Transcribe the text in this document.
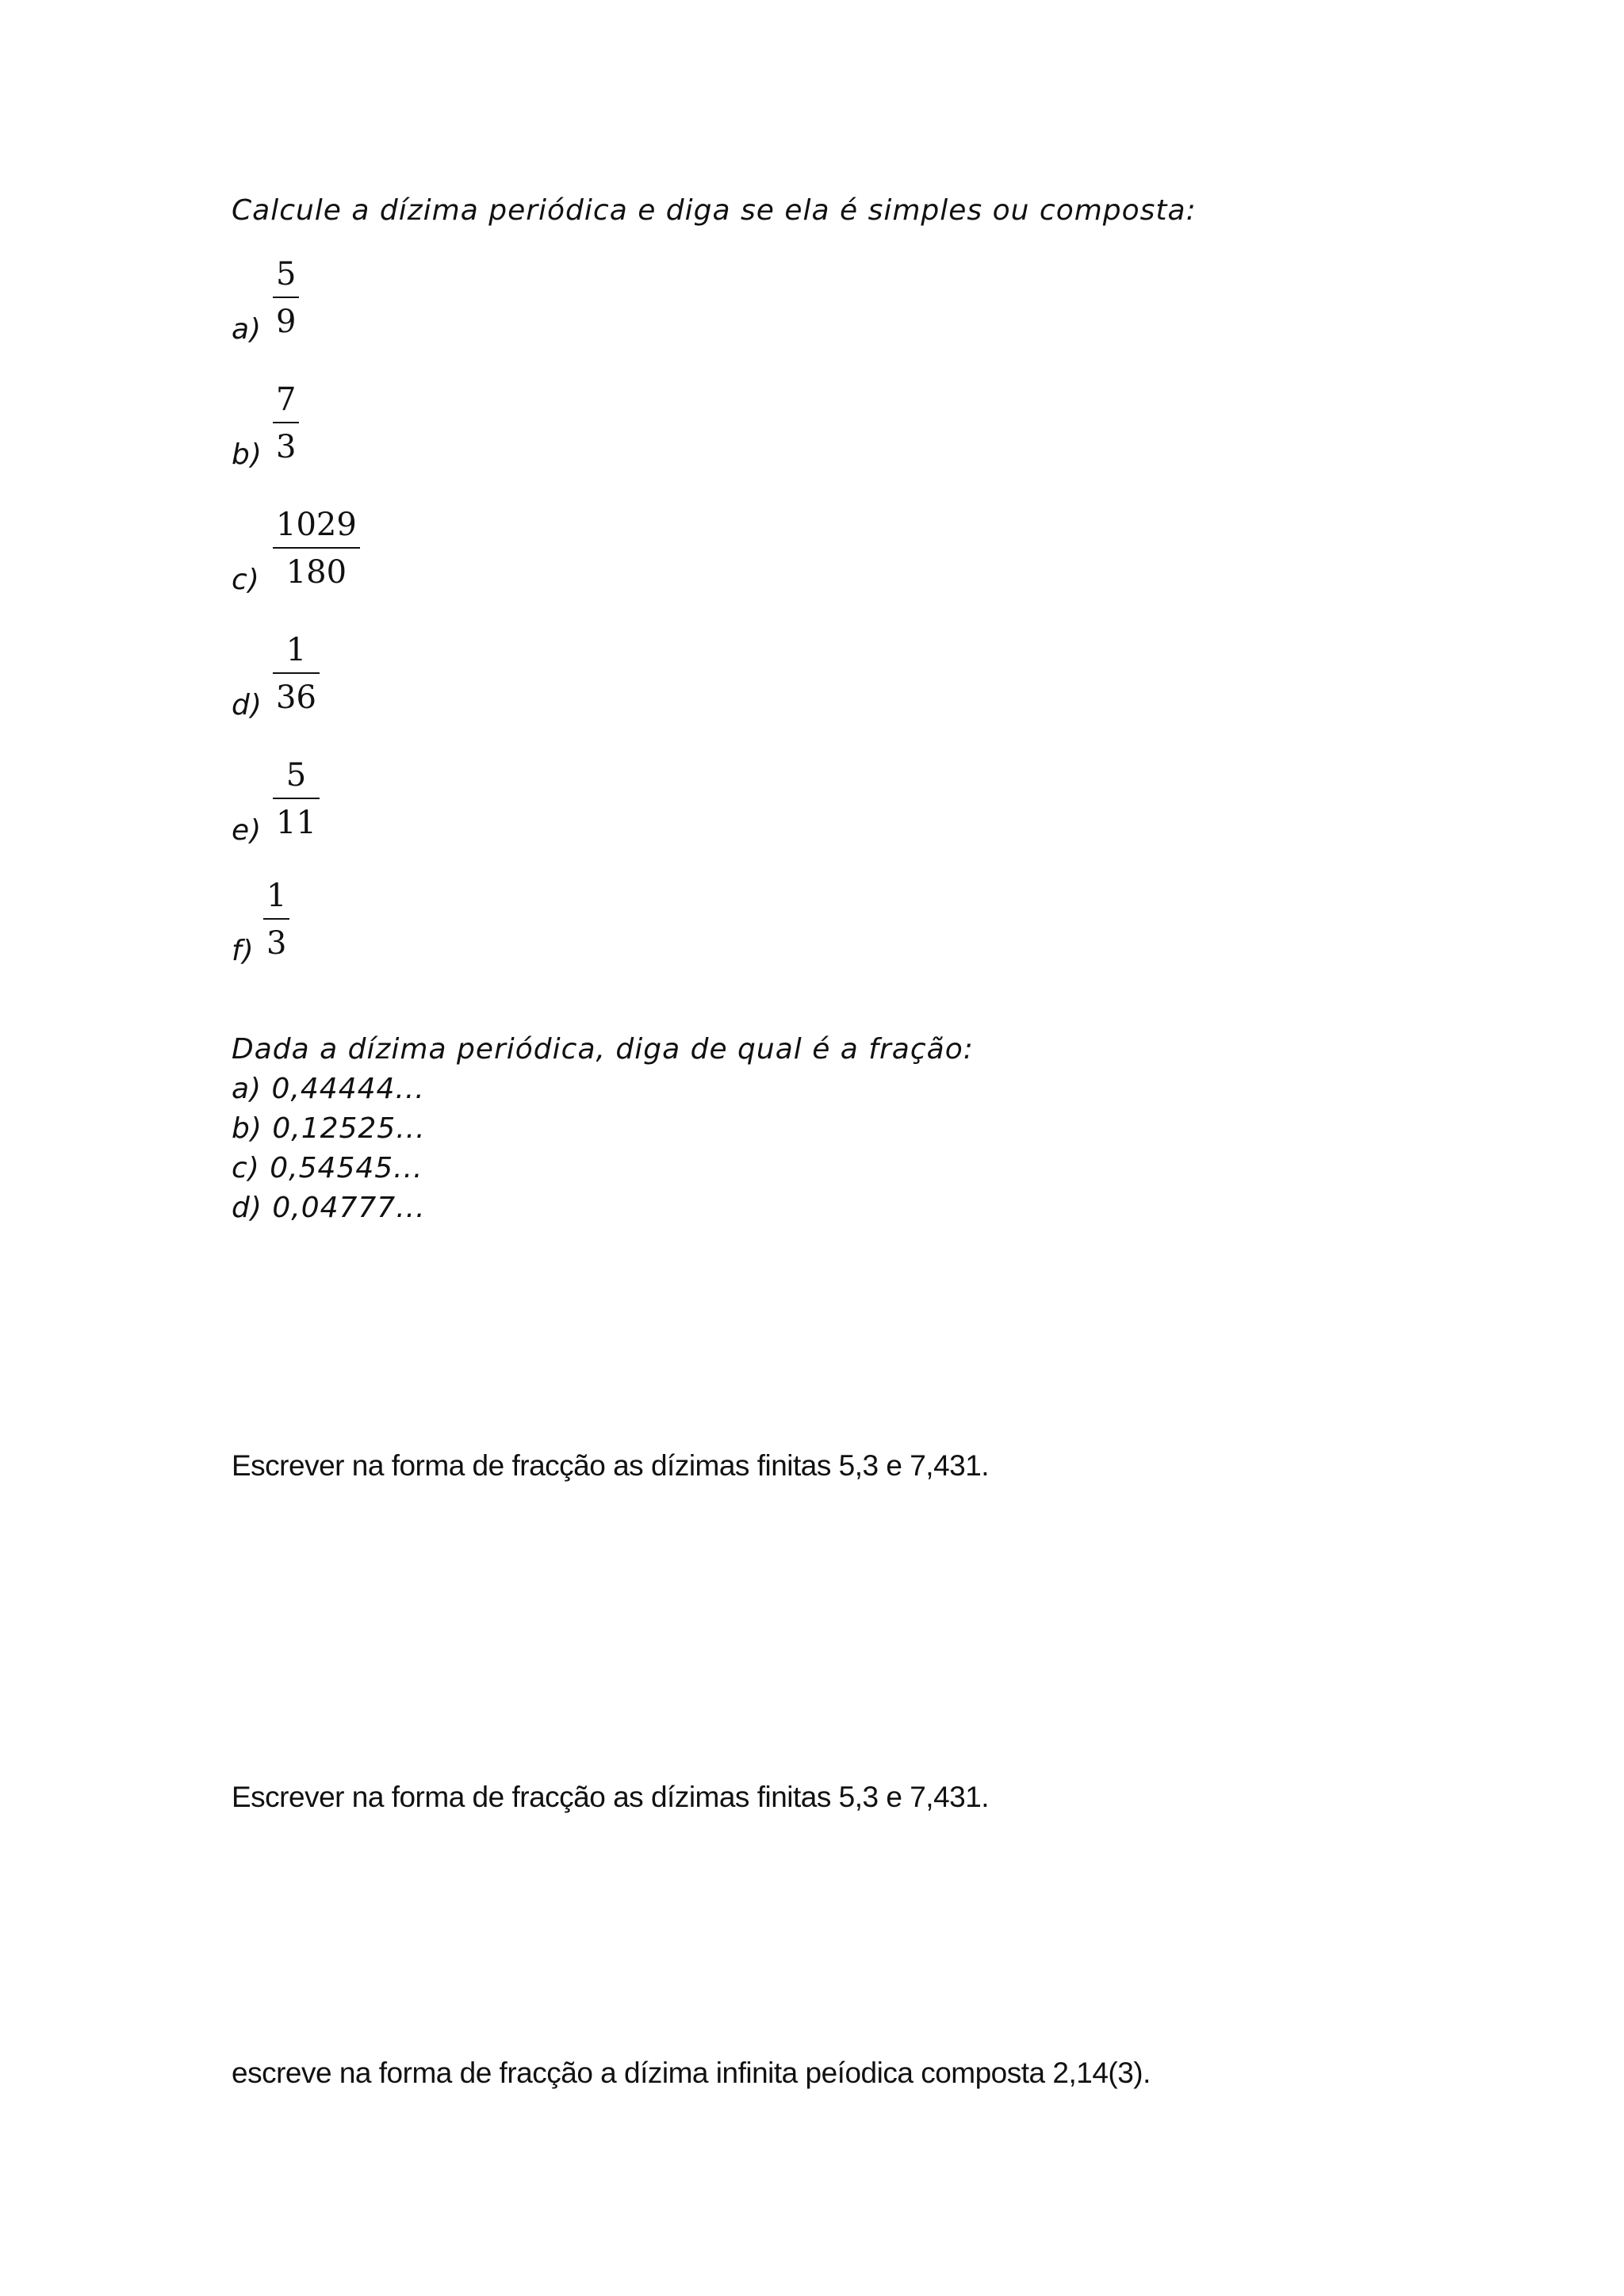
Calcule a dízima periódica e diga se ela é simples ou composta:
a)
5
9
b)
7
3
c)
1029
180
d)
1
36
e)
5
11
f)
1
3
Dada a dízima periódica, diga de qual é a fração:
a) 0,44444...
b) 0,12525...
c) 0,54545...
d) 0,04777...
Escrever na forma de fracção as dízimas finitas 5,3 e 7,431.
Escrever na forma de fracção as dízimas finitas 5,3 e 7,431.
escreve na forma de fracção a dízima infinita peíodica composta 2,14(3).
